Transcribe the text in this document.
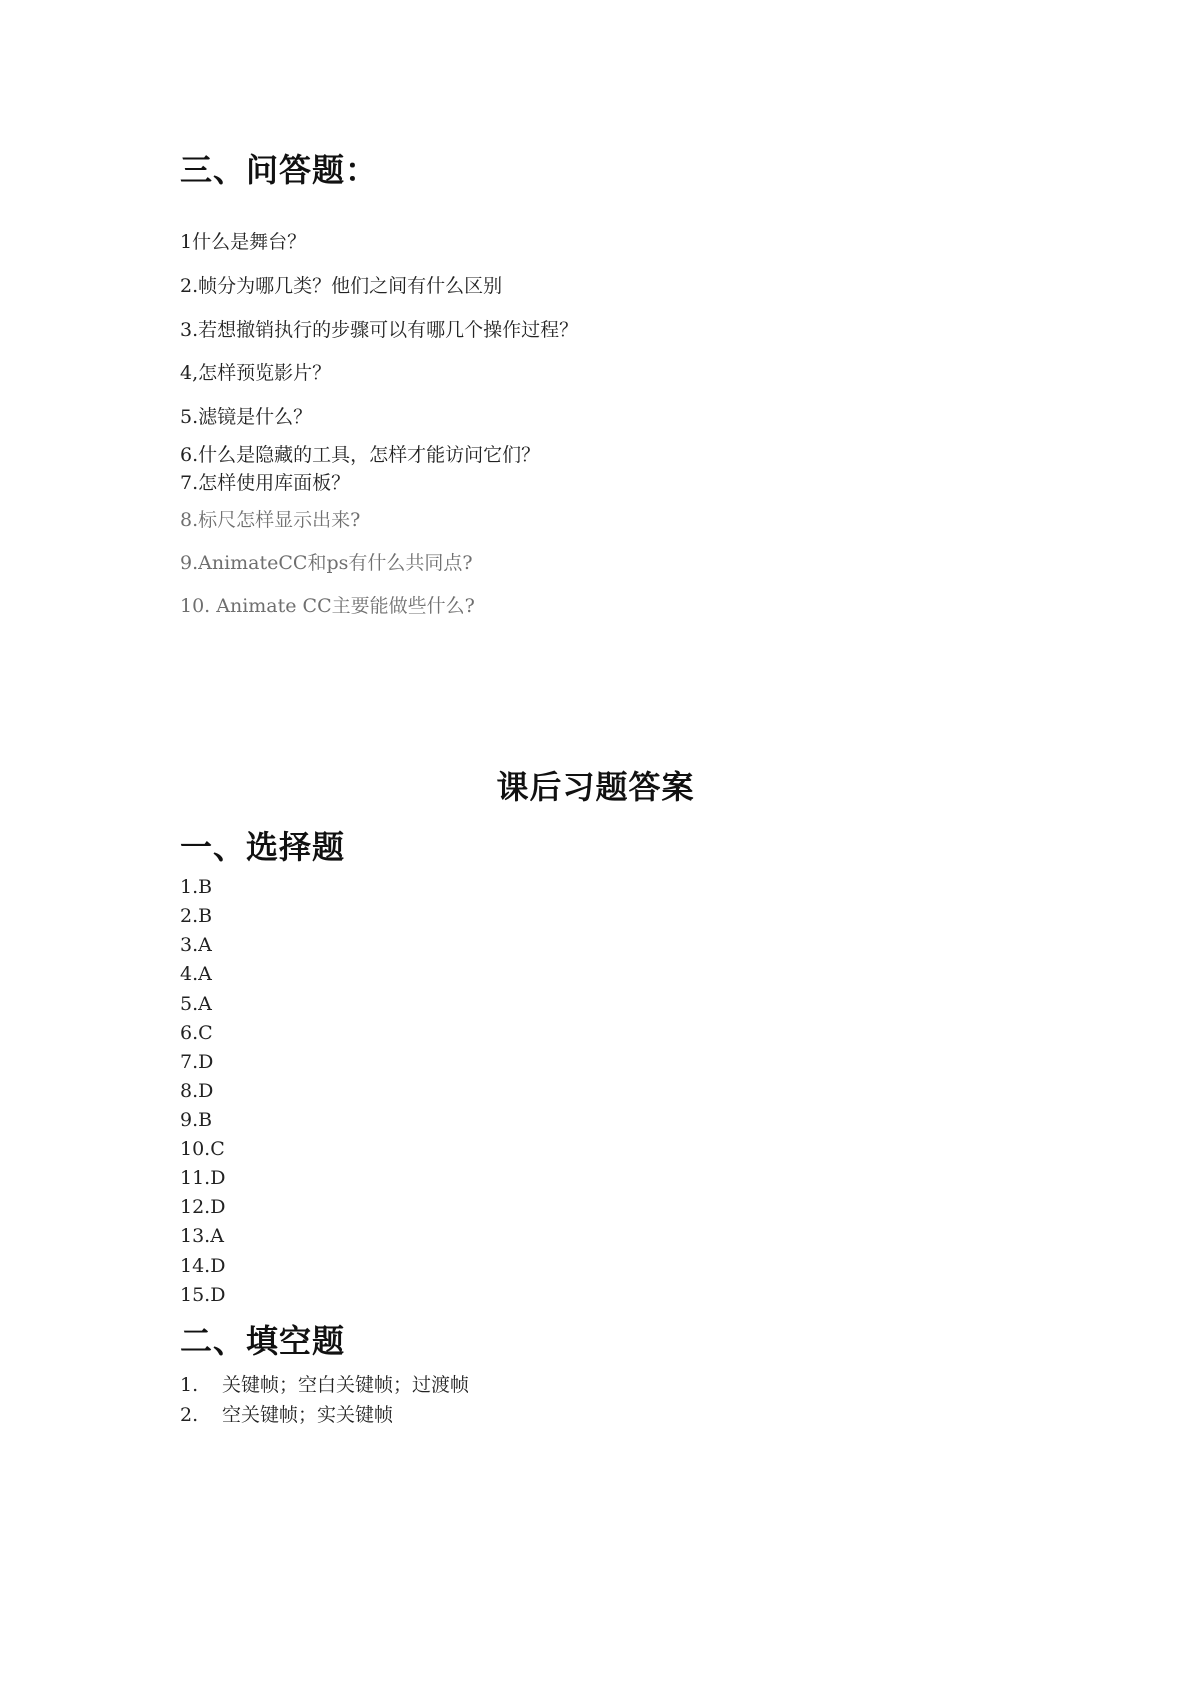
三、问答题：
1什么是舞台？
2.帧分为哪几类？他们之间有什么区别
3.若想撤销执行的步骤可以有哪几个操作过程？
4,怎样预览影片？
5.滤镜是什么？
6.什么是隐藏的工具，怎样才能访问它们？
7.怎样使用库面板？
8.标尺怎样显示出来?
9.AnimateCC和ps有什么共同点?
10. Animate CC主要能做些什么?
课后习题答案
一、选择题
1.B
2.B
3.A
4.A
5.A
6.C
7.D
8.D
9.B
10.C
11.D
12.D
13.A
14.D
15.D
二、填空题
1. 关键帧；空白关键帧；过渡帧
2. 空关键帧；实关键帧
